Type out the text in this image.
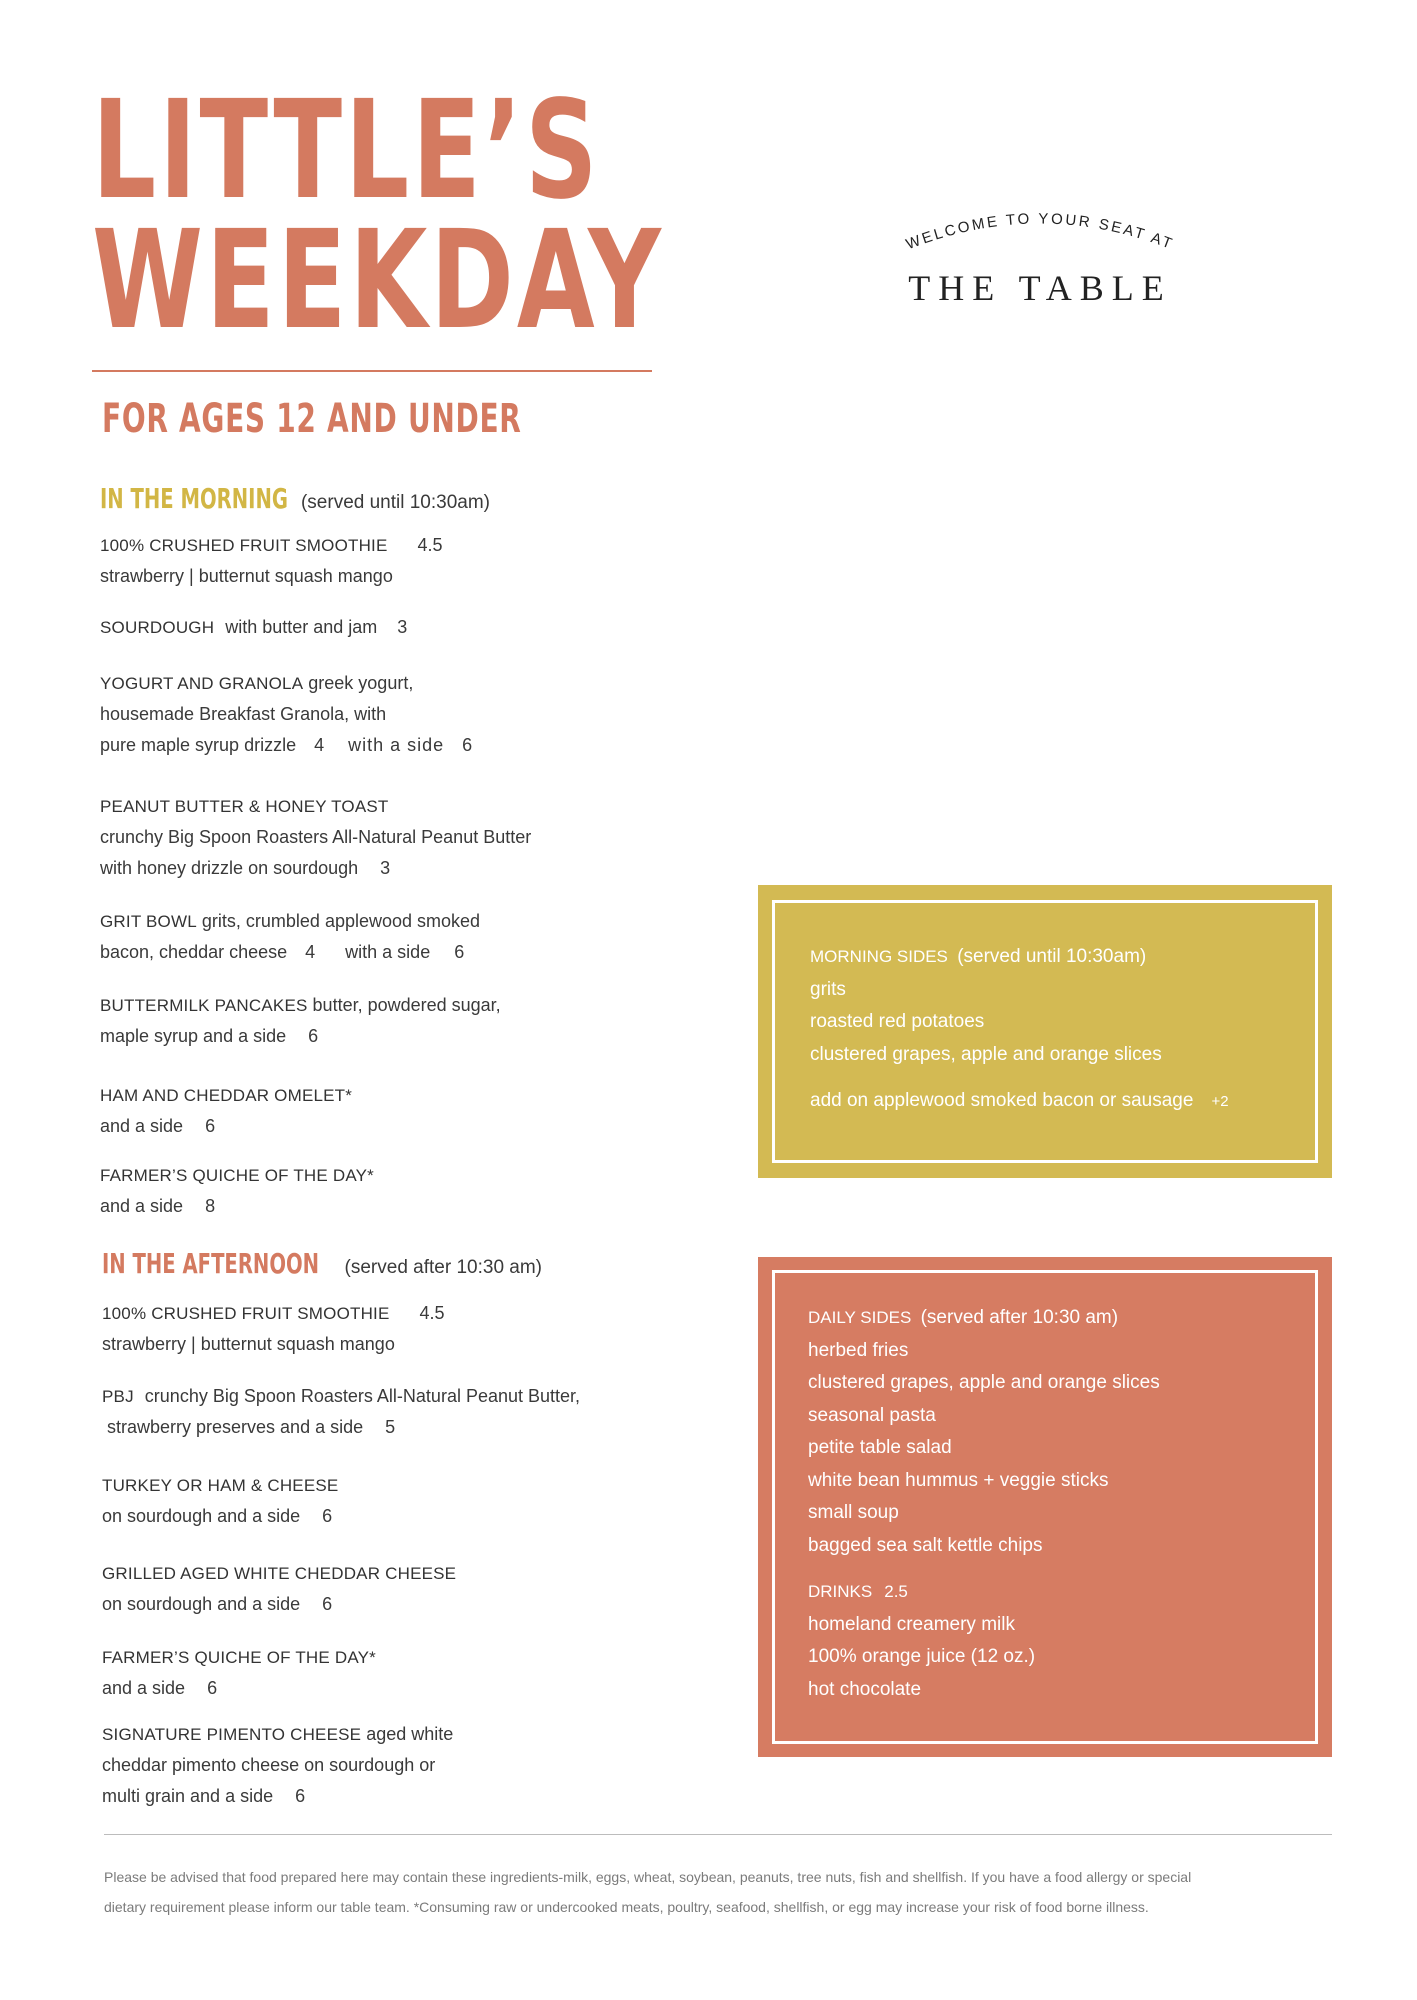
LITTLE’S
WEEKDAY
FOR AGES 12 AND UNDER
WELCOME TO YOUR SEAT AT
THE TABLE
IN THE MORNING (served until 10:30am)
100% CRUSHED FRUIT SMOOTHIE 4.5
strawberry | butternut squash mango
SOURDOUGH with butter and jam 3
YOGURT AND GRANOLA greek yogurt,
housemade Breakfast Granola, with
pure maple syrup drizzle 4 with a side 6
PEANUT BUTTER & HONEY TOAST
crunchy Big Spoon Roasters All-Natural Peanut Butter
with honey drizzle on sourdough 3
GRIT BOWL grits, crumbled applewood smoked
bacon, cheddar cheese 4 with a side 6
BUTTERMILK PANCAKES butter, powdered sugar,
maple syrup and a side 6
HAM AND CHEDDAR OMELET*
and a side 6
FARMER’S QUICHE OF THE DAY*
and a side 8
IN THE AFTERNOON (served after 10:30 am)
100% CRUSHED FRUIT SMOOTHIE 4.5
strawberry | butternut squash mango
PBJ crunchy Big Spoon Roasters All-Natural Peanut Butter,
strawberry preserves and a side 5
TURKEY OR HAM & CHEESE
on sourdough and a side 6
GRILLED AGED WHITE CHEDDAR CHEESE
on sourdough and a side 6
FARMER’S QUICHE OF THE DAY*
and a side 6
SIGNATURE PIMENTO CHEESE aged white
cheddar pimento cheese on sourdough or
multi grain and a side 6
MORNING SIDES (served until 10:30am)
grits
roasted red potatoes
clustered grapes, apple and orange slices
add on applewood smoked bacon or sausage +2
DAILY SIDES (served after 10:30 am)
herbed fries
clustered grapes, apple and orange slices
seasonal pasta
petite table salad
white bean hummus + veggie sticks
small soup
bagged sea salt kettle chips
DRINKS 2.5
homeland creamery milk
100% orange juice (12 oz.)
hot chocolate

Please be advised that food prepared here may contain these ingredients-milk, eggs, wheat, soybean, peanuts, tree nuts, fish and shellfish. If you have a food allergy or special
dietary requirement please inform our table team. *Consuming raw or undercooked meats, poultry, seafood, shellfish, or egg may increase your risk of food borne illness.
